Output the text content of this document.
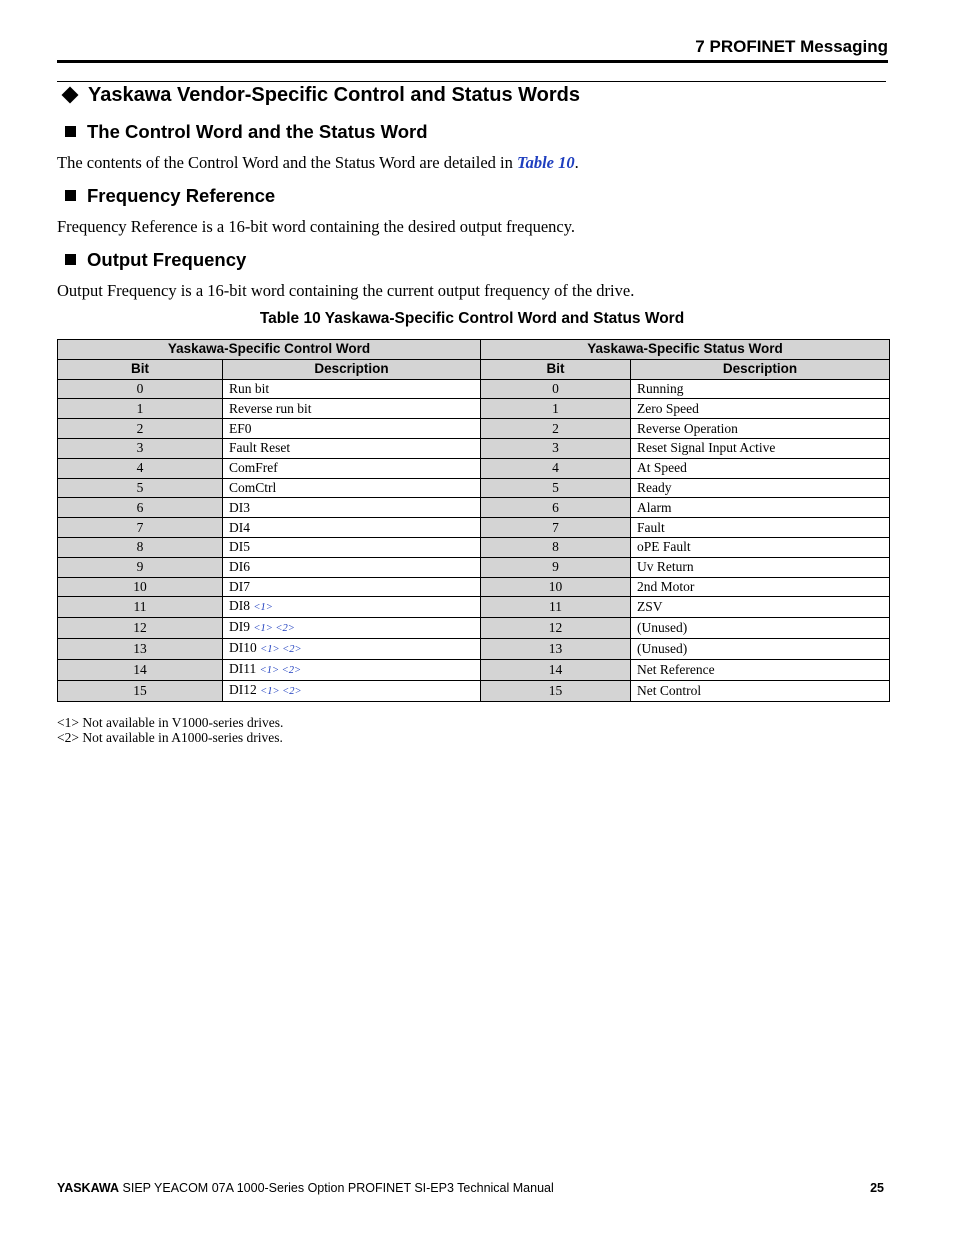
7 PROFINET Messaging
Yaskawa Vendor-Specific Control and Status Words
The Control Word and the Status Word
The contents of the Control Word and the Status Word are detailed in Table 10.
Frequency Reference
Frequency Reference is a 16-bit word containing the desired output frequency.
Output Frequency
Output Frequency is a 16-bit word containing the current output frequency of the drive.
Table 10 Yaskawa-Specific Control Word and Status Word
Yaskawa-Specific Control Word		Yaskawa-Specific Status Word	
Bit	Description	Bit	Description
0	Run bit	0	Running
1	Reverse run bit	1	Zero Speed
2	EF0	2	Reverse Operation
3	Fault Reset	3	Reset Signal Input Active
4	ComFref	4	At Speed
5	ComCtrl	5	Ready
6	DI3	6	Alarm
7	DI4	7	Fault
8	DI5	8	oPE Fault
9	DI6	9	Uv Return
10	DI7	10	2nd Motor
11	DI8 <1>	11	ZSV
12	DI9 <1> <2>	12	(Unused)
13	DI10 <1> <2>	13	(Unused)
14	DI11 <1> <2>	14	Net Reference
15	DI12 <1> <2>	15	Net Control
<1> Not available in V1000-series drives.
<2> Not available in A1000-series drives.
YASKAWA SIEP YEACOM 07A 1000-Series Option PROFINET SI-EP3 Technical Manual	25
